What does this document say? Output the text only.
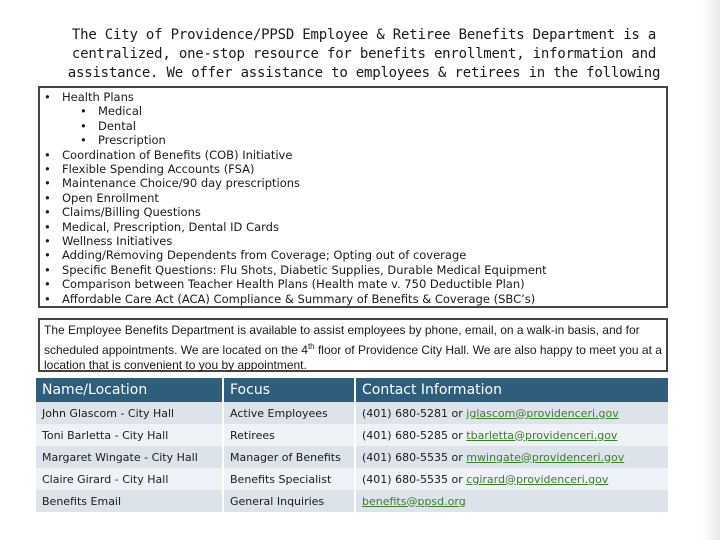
The City of Providence/PPSD Employee & Retiree Benefits Department is a
centralized, one-stop resource for benefits enrollment, information and
assistance. We offer assistance to employees & retirees in the following
• Health Plans
• Medical
• Dental
• Prescription
• Coordination of Benefits (COB) Initiative
• Flexible Spending Accounts (FSA)
• Maintenance Choice/90 day prescriptions
• Open Enrollment
• Claims/Billing Questions
• Medical, Prescription, Dental ID Cards
• Wellness Initiatives
• Adding/Removing Dependents from Coverage; Opting out of coverage
• Specific Benefit Questions: Flu Shots, Diabetic Supplies, Durable Medical Equipment
• Comparison between Teacher Health Plans (Health mate v. 750 Deductible Plan)
• Affordable Care Act (ACA) Compliance & Summary of Benefits & Coverage (SBC’s)
The Employee Benefits Department is available to assist employees by phone, email, on a walk-in basis, and for scheduled appointments. We are located on the 4th floor of Providence City Hall. We are also happy to meet you at a location that is convenient to you by appointment.
Name/Location	Focus	Contact Information
John Glascom - City Hall	Active Employees	(401) 680-5281 or jglascom@providenceri.gov
Toni Barletta - City Hall	Retirees	(401) 680-5285 or tbarletta@providenceri.gov
Margaret Wingate - City Hall	Manager of Benefits	(401) 680-5535 or mwingate@providenceri.gov
Claire Girard - City Hall	Benefits Specialist	(401) 680-5535 or cgirard@providenceri.gov
Benefits Email	General Inquiries	benefits@ppsd.org
